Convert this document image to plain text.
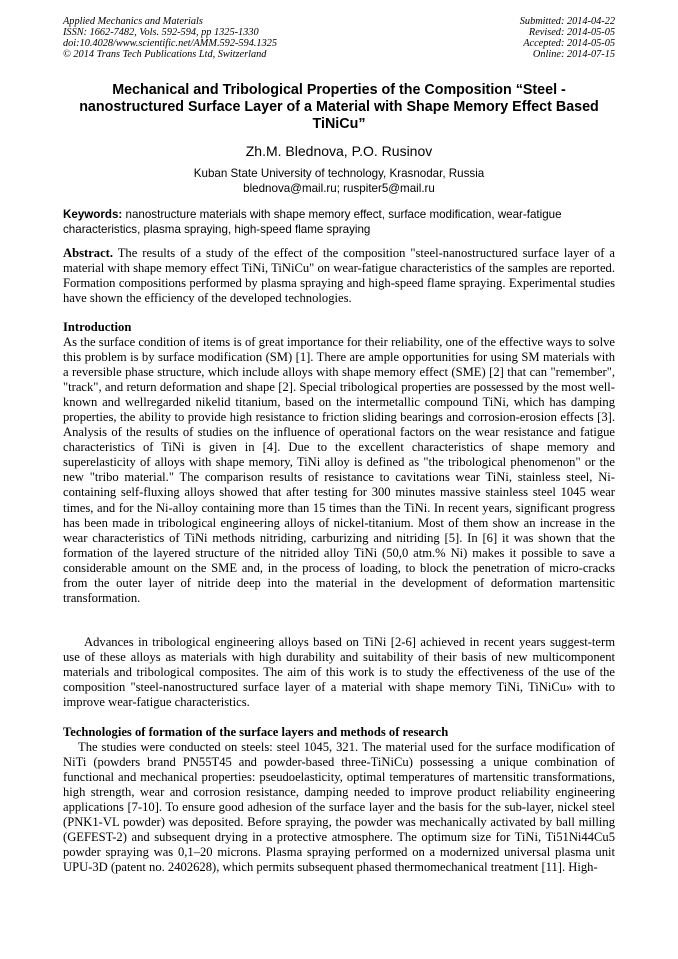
Applied Mechanics and Materials
ISSN: 1662-7482, Vols. 592-594, pp 1325-1330
doi:10.4028/www.scientific.net/AMM.592-594.1325
© 2014 Trans Tech Publications Ltd, Switzerland
Submitted: 2014-04-22
Revised: 2014-05-05
Accepted: 2014-05-05
Online: 2014-07-15
Mechanical and Tribological Properties of the Composition “Steel - nanostructured Surface Layer of a Material with Shape Memory Effect Based TiNiCu”
Zh.M. Blednova, P.O. Rusinov
Kuban State University of technology, Krasnodar, Russia
blednova@mail.ru; ruspiter5@mail.ru
Keywords: nanostructure materials with shape memory effect, surface modification, wear-fatigue characteristics, plasma spraying, high-speed flame spraying
Abstract. The results of a study of the effect of the composition "steel-nanostructured surface layer of a material with shape memory effect TiNi, TiNiCu" on wear-fatigue characteristics of the samples are reported. Formation compositions performed by plasma spraying and high-speed flame spraying. Experimental studies have shown the efficiency of the developed technologies.
Introduction

As the surface condition of items is of great importance for their reliability, one of the effective ways to solve this problem is by surface modification (SM) [1]. There are ample opportunities for using SM materials with a reversible phase structure, which include alloys with shape memory effect (SME) [2] that can "remember", "track", and return deformation and shape [2]. Special tribological properties are possessed by the most well-known and wellregarded nikelid titanium, based on the intermetallic compound TiNi, which has damping properties, the ability to provide high resistance to friction sliding bearings and corrosion-erosion effects [3]. Analysis of the results of studies on the influence of operational factors on the wear resistance and fatigue characteristics of TiNi is given in [4]. Due to the excellent characteristics of shape memory and superelasticity of alloys with shape memory, TiNi alloy is defined as "the tribological phenomenon" or the new "tribo material." The comparison results of resistance to cavitations wear TiNi, stainless steel, Ni-containing self-fluxing alloys showed that after testing for 300 minutes massive stainless steel 1045 wear times, and for the Ni-alloy containing more than 15 times than the TiNi. In recent years, significant progress has been made in tribological engineering alloys of nickel-titanium. Most of them show an increase in the wear characteristics of TiNi methods nitriding, carburizing and nitriding [5]. In [6] it was shown that the formation of the layered structure of the nitrided alloy TiNi (50,0 atm.% Ni) makes it possible to save a considerable amount on the SME and, in the process of loading, to block the penetration of micro-cracks from the outer layer of nitride deep into the material in the development of deformation martensitic transformation.

Advances in tribological engineering alloys based on TiNi [2-6] achieved in recent years suggest-term use of these alloys as materials with high durability and suitability of their basis of new multicomponent materials and tribological composites. The aim of this work is to study the effectiveness of the use of the composition "steel-nanostructured surface layer of a material with shape memory TiNi, TiNiCu» with to improve wear-fatigue characteristics.

Technologies of formation of the surface layers and methods of research

The studies were conducted on steels: steel 1045, 321. The material used for the surface modification of NiTi (powders brand PN55T45 and powder-based three-TiNiCu) possessing a unique combination of functional and mechanical properties: pseudoelasticity, optimal temperatures of martensitic transformations, high strength, wear and corrosion resistance, damping needed to improve product reliability engineering applications [7-10]. To ensure good adhesion of the surface layer and the basis for the sub-layer, nickel steel (PNK1-VL powder) was deposited. Before spraying, the powder was mechanically activated by ball milling (GEFEST-2) and subsequent drying in a protective atmosphere. The optimum size for TiNi, Ti51Ni44Cu5 powder spraying was 0,1–20 microns. Plasma spraying performed on a modernized universal plasma unit UPU-3D (patent no. 2402628), which permits subsequent phased thermomechanical treatment [11]. High-
